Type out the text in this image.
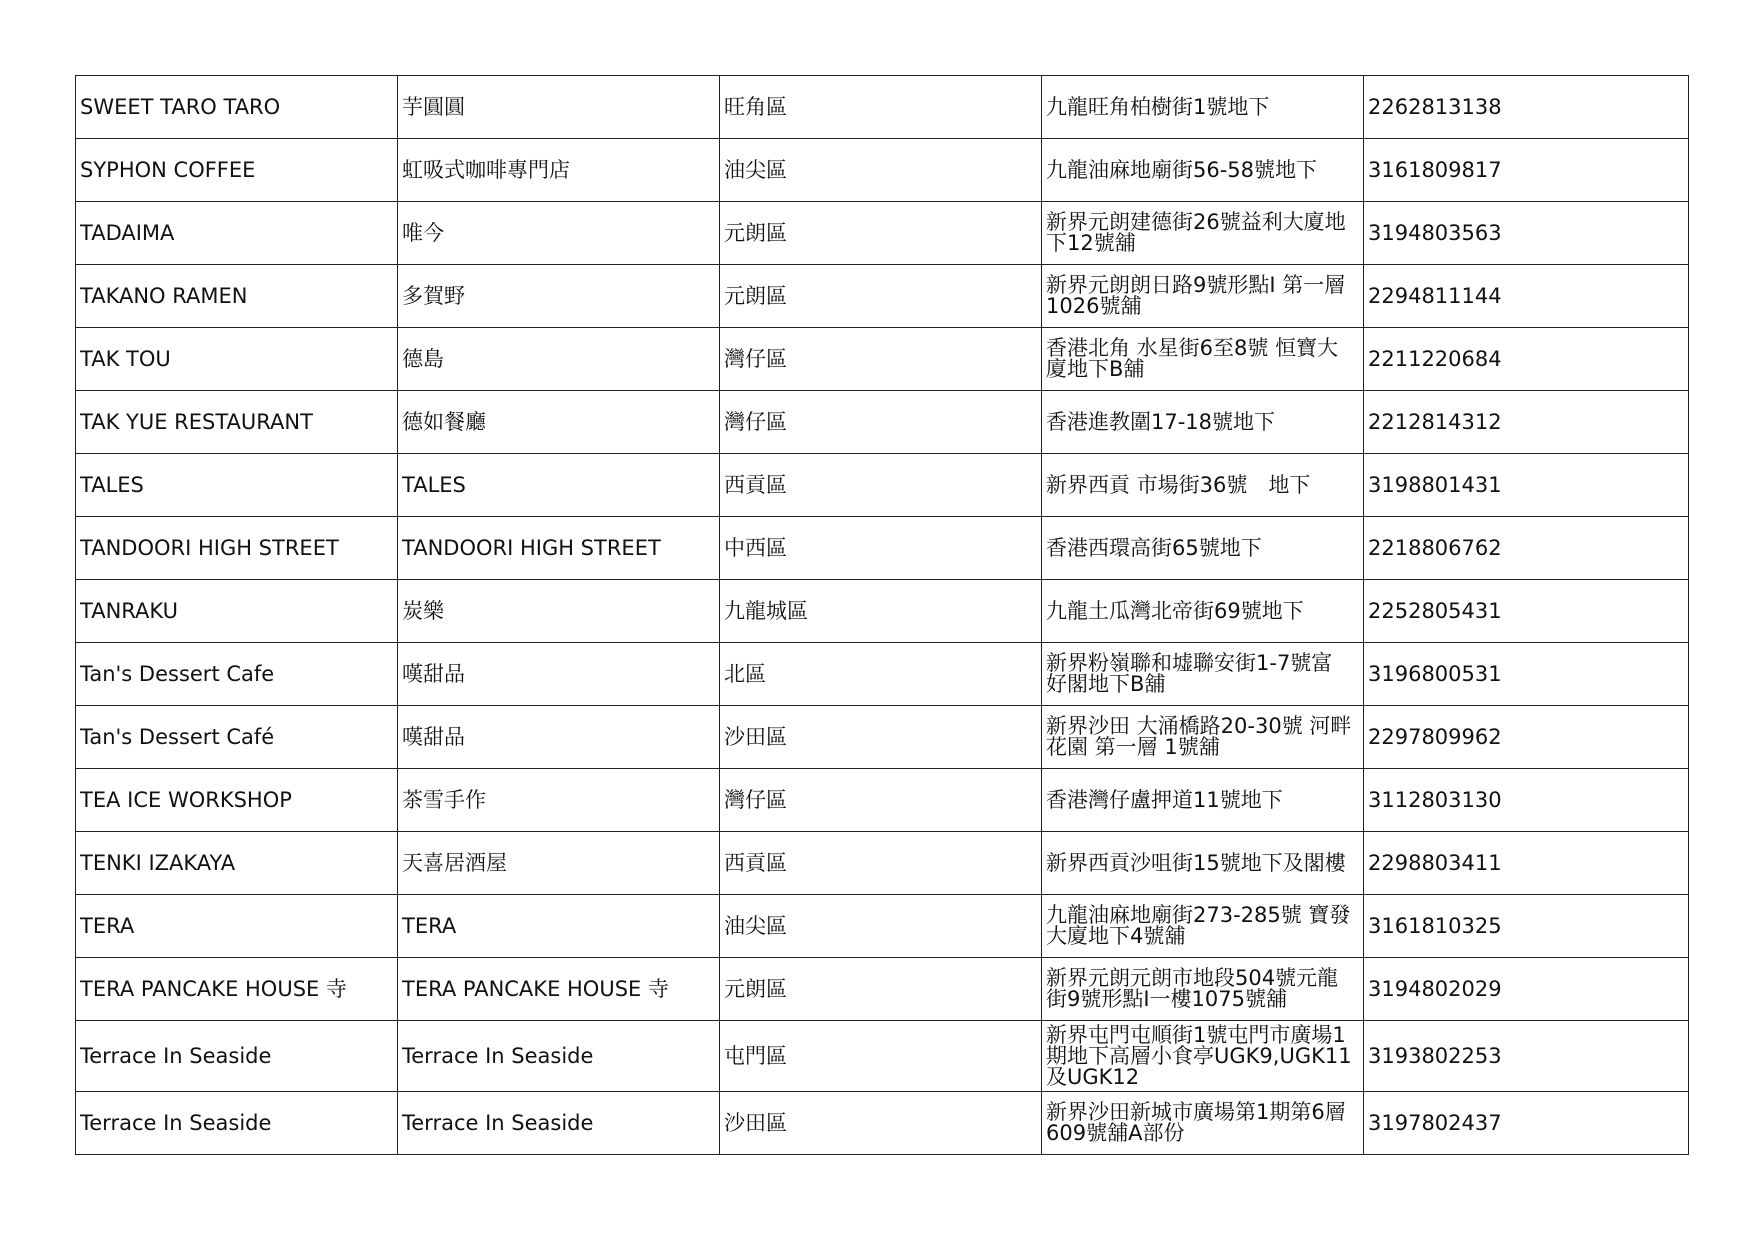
SWEET TARO TARO	芋圓圓	旺角區	九龍旺角柏樹街1號地下	2262813138
SYPHON COFFEE	虹吸式咖啡專門店	油尖區	九龍油麻地廟街56-58號地下	3161809817
TADAIMA	唯今	元朗區	新界元朗建德街26號益利大廈地下12號舖	3194803563
TAKANO RAMEN	多賀野	元朗區	新界元朗朗日路9號形點I 第一層1026號舖	2294811144
TAK TOU	德島	灣仔區	香港北角 水星街6至8號 恒寶大廈地下B舖	2211220684
TAK YUE RESTAURANT	德如餐廳	灣仔區	香港進教圍17-18號地下	2212814312
TALES	TALES	西貢區	新界西貢 市場街36號　地下	3198801431
TANDOORI HIGH STREET	TANDOORI HIGH STREET	中西區	香港西環高街65號地下	2218806762
TANRAKU	炭樂	九龍城區	九龍土瓜灣北帝街69號地下	2252805431
Tan's Dessert Cafe	嘆甜品	北區	新界粉嶺聯和墟聯安街1-7號富好閣地下B舖	3196800531
Tan's Dessert Café	嘆甜品	沙田區	新界沙田 大涌橋路20-30號 河畔花園 第一層 1號舖	2297809962
TEA ICE WORKSHOP	茶雪手作	灣仔區	香港灣仔盧押道11號地下	3112803130
TENKI IZAKAYA	天喜居酒屋	西貢區	新界西貢沙咀街15號地下及閣樓	2298803411
TERA	TERA	油尖區	九龍油麻地廟街273-285號 寶發大廈地下4號舖	3161810325
TERA PANCAKE HOUSE 寺	TERA PANCAKE HOUSE 寺	元朗區	新界元朗元朗市地段504號元龍街9號形點I一樓1075號舖	3194802029
Terrace In Seaside	Terrace In Seaside	屯門區	新界屯門屯順街1號屯門市廣場1期地下高層小食亭UGK9,UGK11及UGK12	3193802253
Terrace In Seaside	Terrace In Seaside	沙田區	新界沙田新城市廣場第1期第6層609號舖A部份	3197802437
